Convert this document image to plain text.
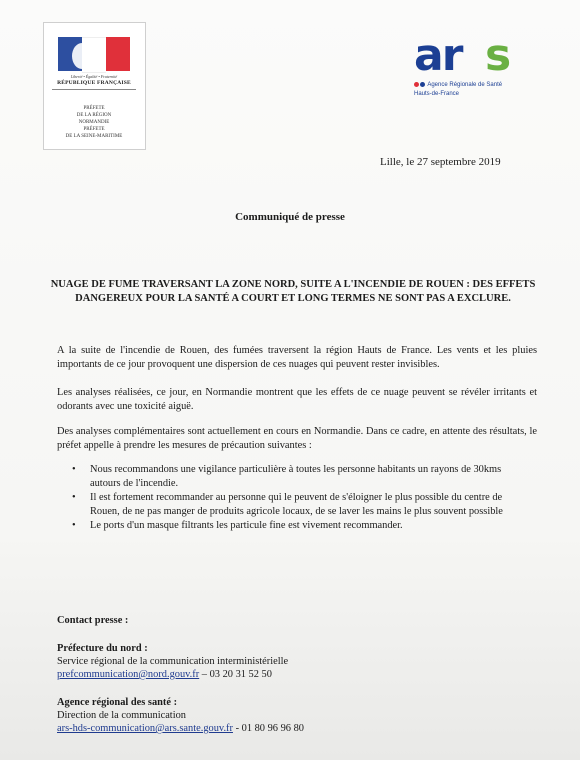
Liberté • Égalité • Fraternité
RÉPUBLIQUE FRANÇAISE
PRÉFETE
DE LA RÉGION
NORMANDIE
PRÉFETE
DE LA SEINE-MARITIME
ar s
Agence Régionale de Santé
Hauts-de-France
Lille, le 27 septembre 2019
Communiqué de presse
NUAGE DE FUME TRAVERSANT LA ZONE NORD, SUITE A L'INCENDIE DE ROUEN : DES EFFETS DANGEREUX POUR LA SANTÉ A COURT ET LONG TERMES NE SONT PAS A EXCLURE.
A la suite de l'incendie de Rouen, des fumées traversent la région Hauts de France. Les vents et les pluies importants de ce jour provoquent une dispersion de ces nuages qui peuvent rester invisibles.
Les analyses réalisées, ce jour, en Normandie montrent que les effets de ce nuage peuvent se révéler irritants et odorants avec une toxicité aiguë.
Des analyses complémentaires sont actuellement en cours en Normandie. Dans ce cadre, en attente des résultats, le préfet appelle à prendre les mesures de précaution suivantes :
• Nous recommandons une vigilance particulière à toutes les personne habitants un rayons de 30kms autours de l'incendie.
• Il est fortement recommander au personne qui le peuvent de s'éloigner le plus possible du centre de Rouen, de ne pas manger de produits agricole locaux, de se laver les mains le plus souvent possible
• Le ports d'un masque filtrants les particule fine est vivement recommander.
Contact presse :
Préfecture du nord :
Service régional de la communication interministérielle
prefcommunication@nord.gouv.fr – 03 20 31 52 50
Agence régional des santé :
Direction de la communication
ars-hds-communication@ars.sante.gouv.fr - 01 80 96 96 80
